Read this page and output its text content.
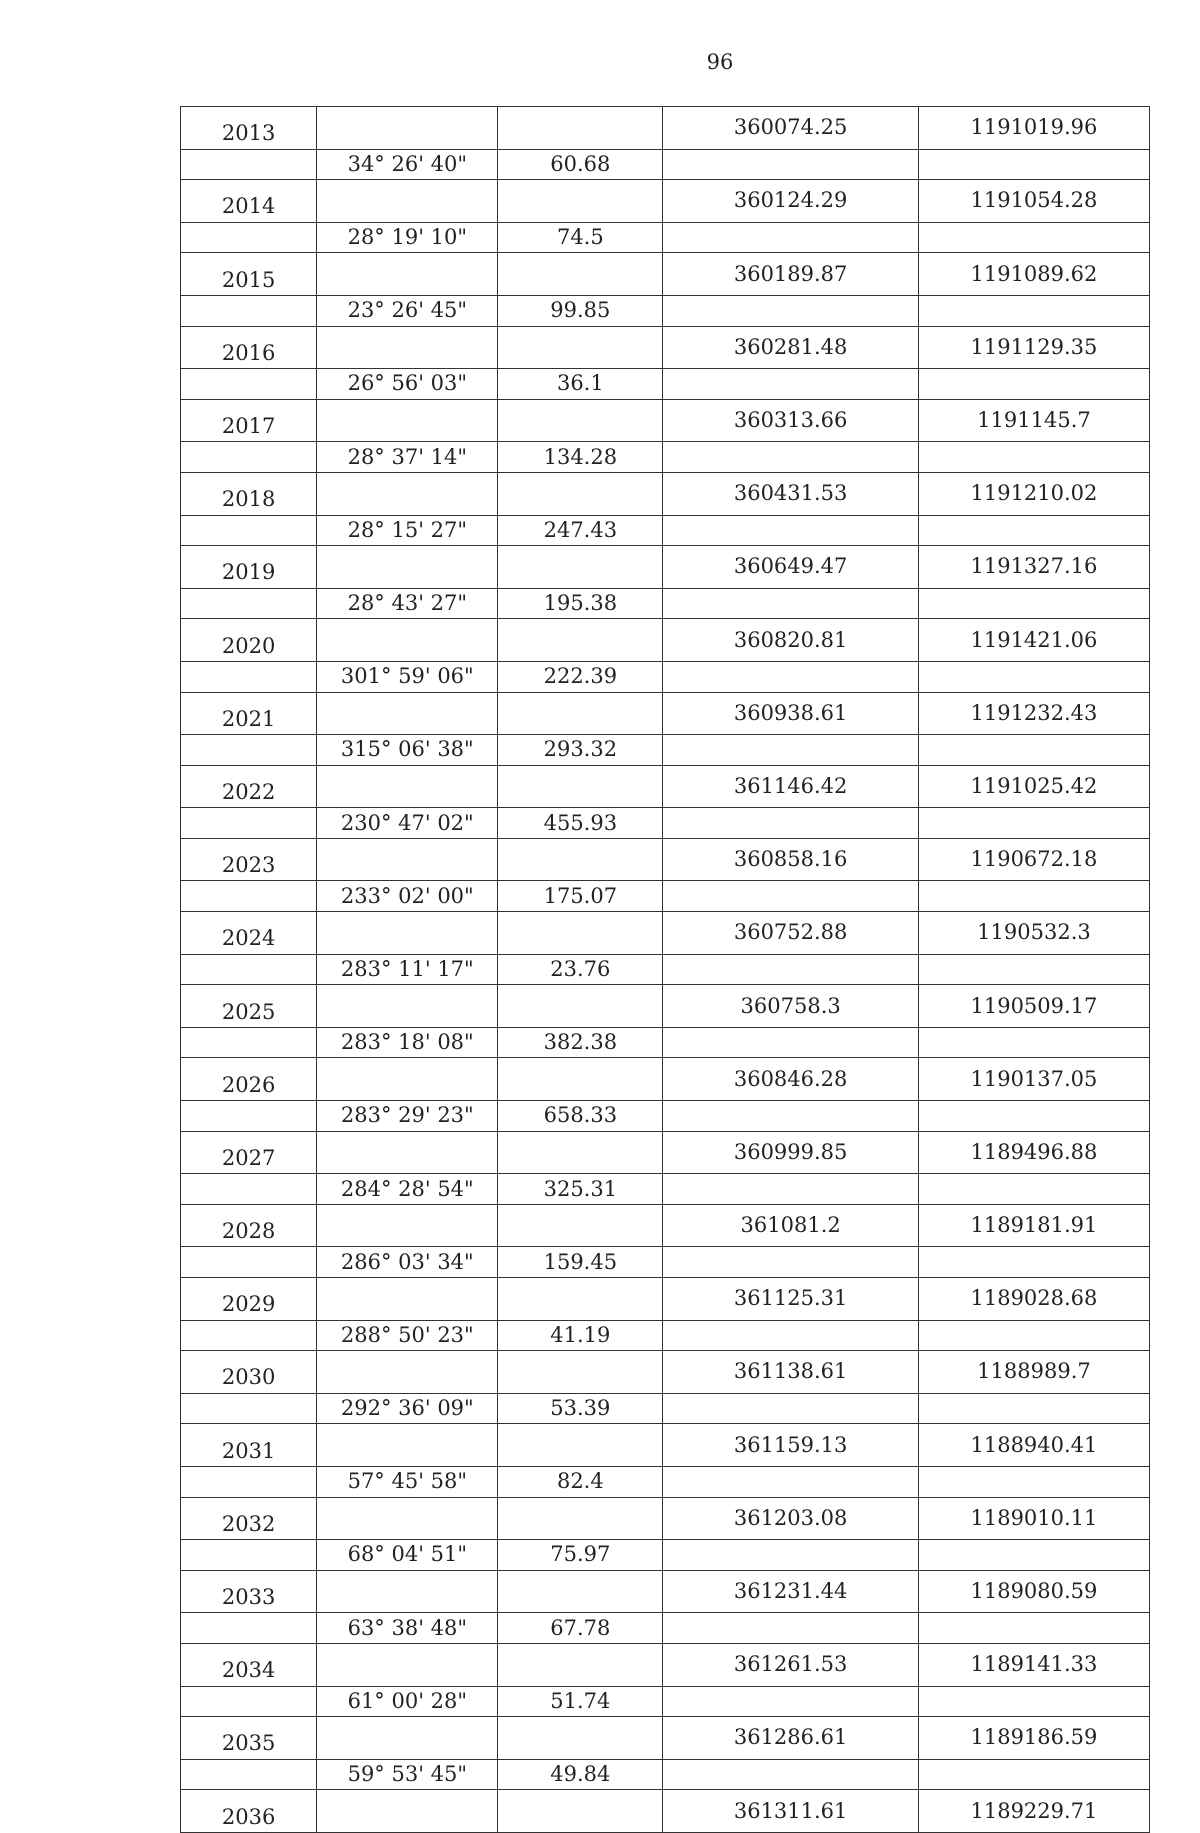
96
2013			360074.25	1191019.96
	34° 26' 40"	60.68		
2014			360124.29	1191054.28
	28° 19' 10"	74.5		
2015			360189.87	1191089.62
	23° 26' 45"	99.85		
2016			360281.48	1191129.35
	26° 56' 03"	36.1		
2017			360313.66	1191145.7
	28° 37' 14"	134.28		
2018			360431.53	1191210.02
	28° 15' 27"	247.43		
2019			360649.47	1191327.16
	28° 43' 27"	195.38		
2020			360820.81	1191421.06
	301° 59' 06"	222.39		
2021			360938.61	1191232.43
	315° 06' 38"	293.32		
2022			361146.42	1191025.42
	230° 47' 02"	455.93		
2023			360858.16	1190672.18
	233° 02' 00"	175.07		
2024			360752.88	1190532.3
	283° 11' 17"	23.76		
2025			360758.3	1190509.17
	283° 18' 08"	382.38		
2026			360846.28	1190137.05
	283° 29' 23"	658.33		
2027			360999.85	1189496.88
	284° 28' 54"	325.31		
2028			361081.2	1189181.91
	286° 03' 34"	159.45		
2029			361125.31	1189028.68
	288° 50' 23"	41.19		
2030			361138.61	1188989.7
	292° 36' 09"	53.39		
2031			361159.13	1188940.41
	57° 45' 58"	82.4		
2032			361203.08	1189010.11
	68° 04' 51"	75.97		
2033			361231.44	1189080.59
	63° 38' 48"	67.78		
2034			361261.53	1189141.33
	61° 00' 28"	51.74		
2035			361286.61	1189186.59
	59° 53' 45"	49.84		
2036			361311.61	1189229.71
